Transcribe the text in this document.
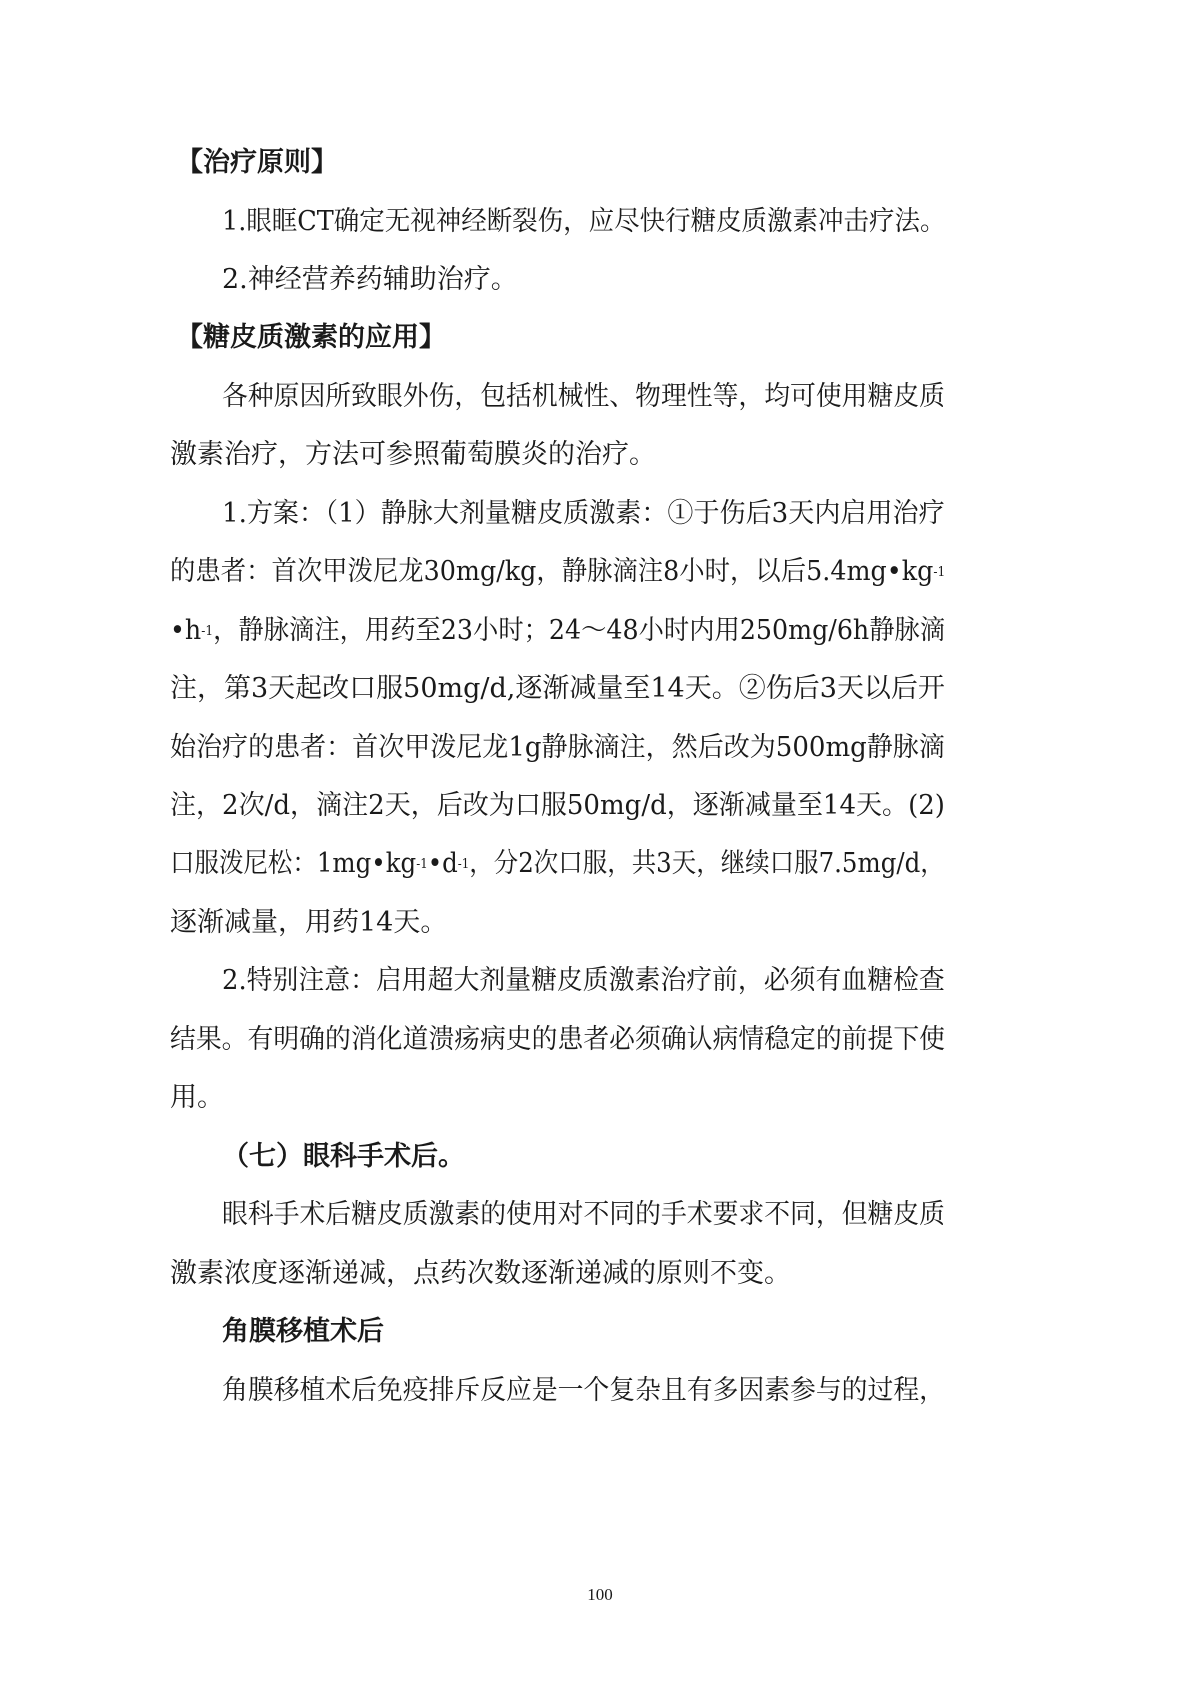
【治疗原则】
1.眼眶CT确定无视神经断裂伤，应尽快行糖皮质激素冲击疗法。
2.神经营养药辅助治疗。
【糖皮质激素的应用】
各种原因所致眼外伤，包括机械性、物理性等，均可使用糖皮质
激素治疗，方法可参照葡萄膜炎的治疗。
1.方案：（1）静脉大剂量糖皮质激素：①于伤后3天内启用治疗
的患者：首次甲泼尼龙30mg/kg，静脉滴注8小时，以后$5.4mg•kg^{-1}$
$•h^{-1}$，静脉滴注，用药至23小时；24～48小时内用250mg/6h静脉滴
注，第3天起改口服50mg/d,逐渐减量至14天。②伤后3天以后开
始治疗的患者：首次甲泼尼龙1g静脉滴注，然后改为500mg静脉滴
注，2次/d，滴注2天，后改为口服50mg/d，逐渐减量至14天。(2)
口服泼尼松：$1mg•kg^{-1}•d^{-1}$，分2次口服，共3天，继续口服7.5mg/d，
逐渐减量，用药14天。
2.特别注意：启用超大剂量糖皮质激素治疗前，必须有血糖检查
结果。有明确的消化道溃疡病史的患者必须确认病情稳定的前提下使
用。
（七）眼科手术后。
眼科手术后糖皮质激素的使用对不同的手术要求不同，但糖皮质
激素浓度逐渐递减，点药次数逐渐递减的原则不变。
角膜移植术后
角膜移植术后免疫排斥反应是一个复杂且有多因素参与的过程，
100
